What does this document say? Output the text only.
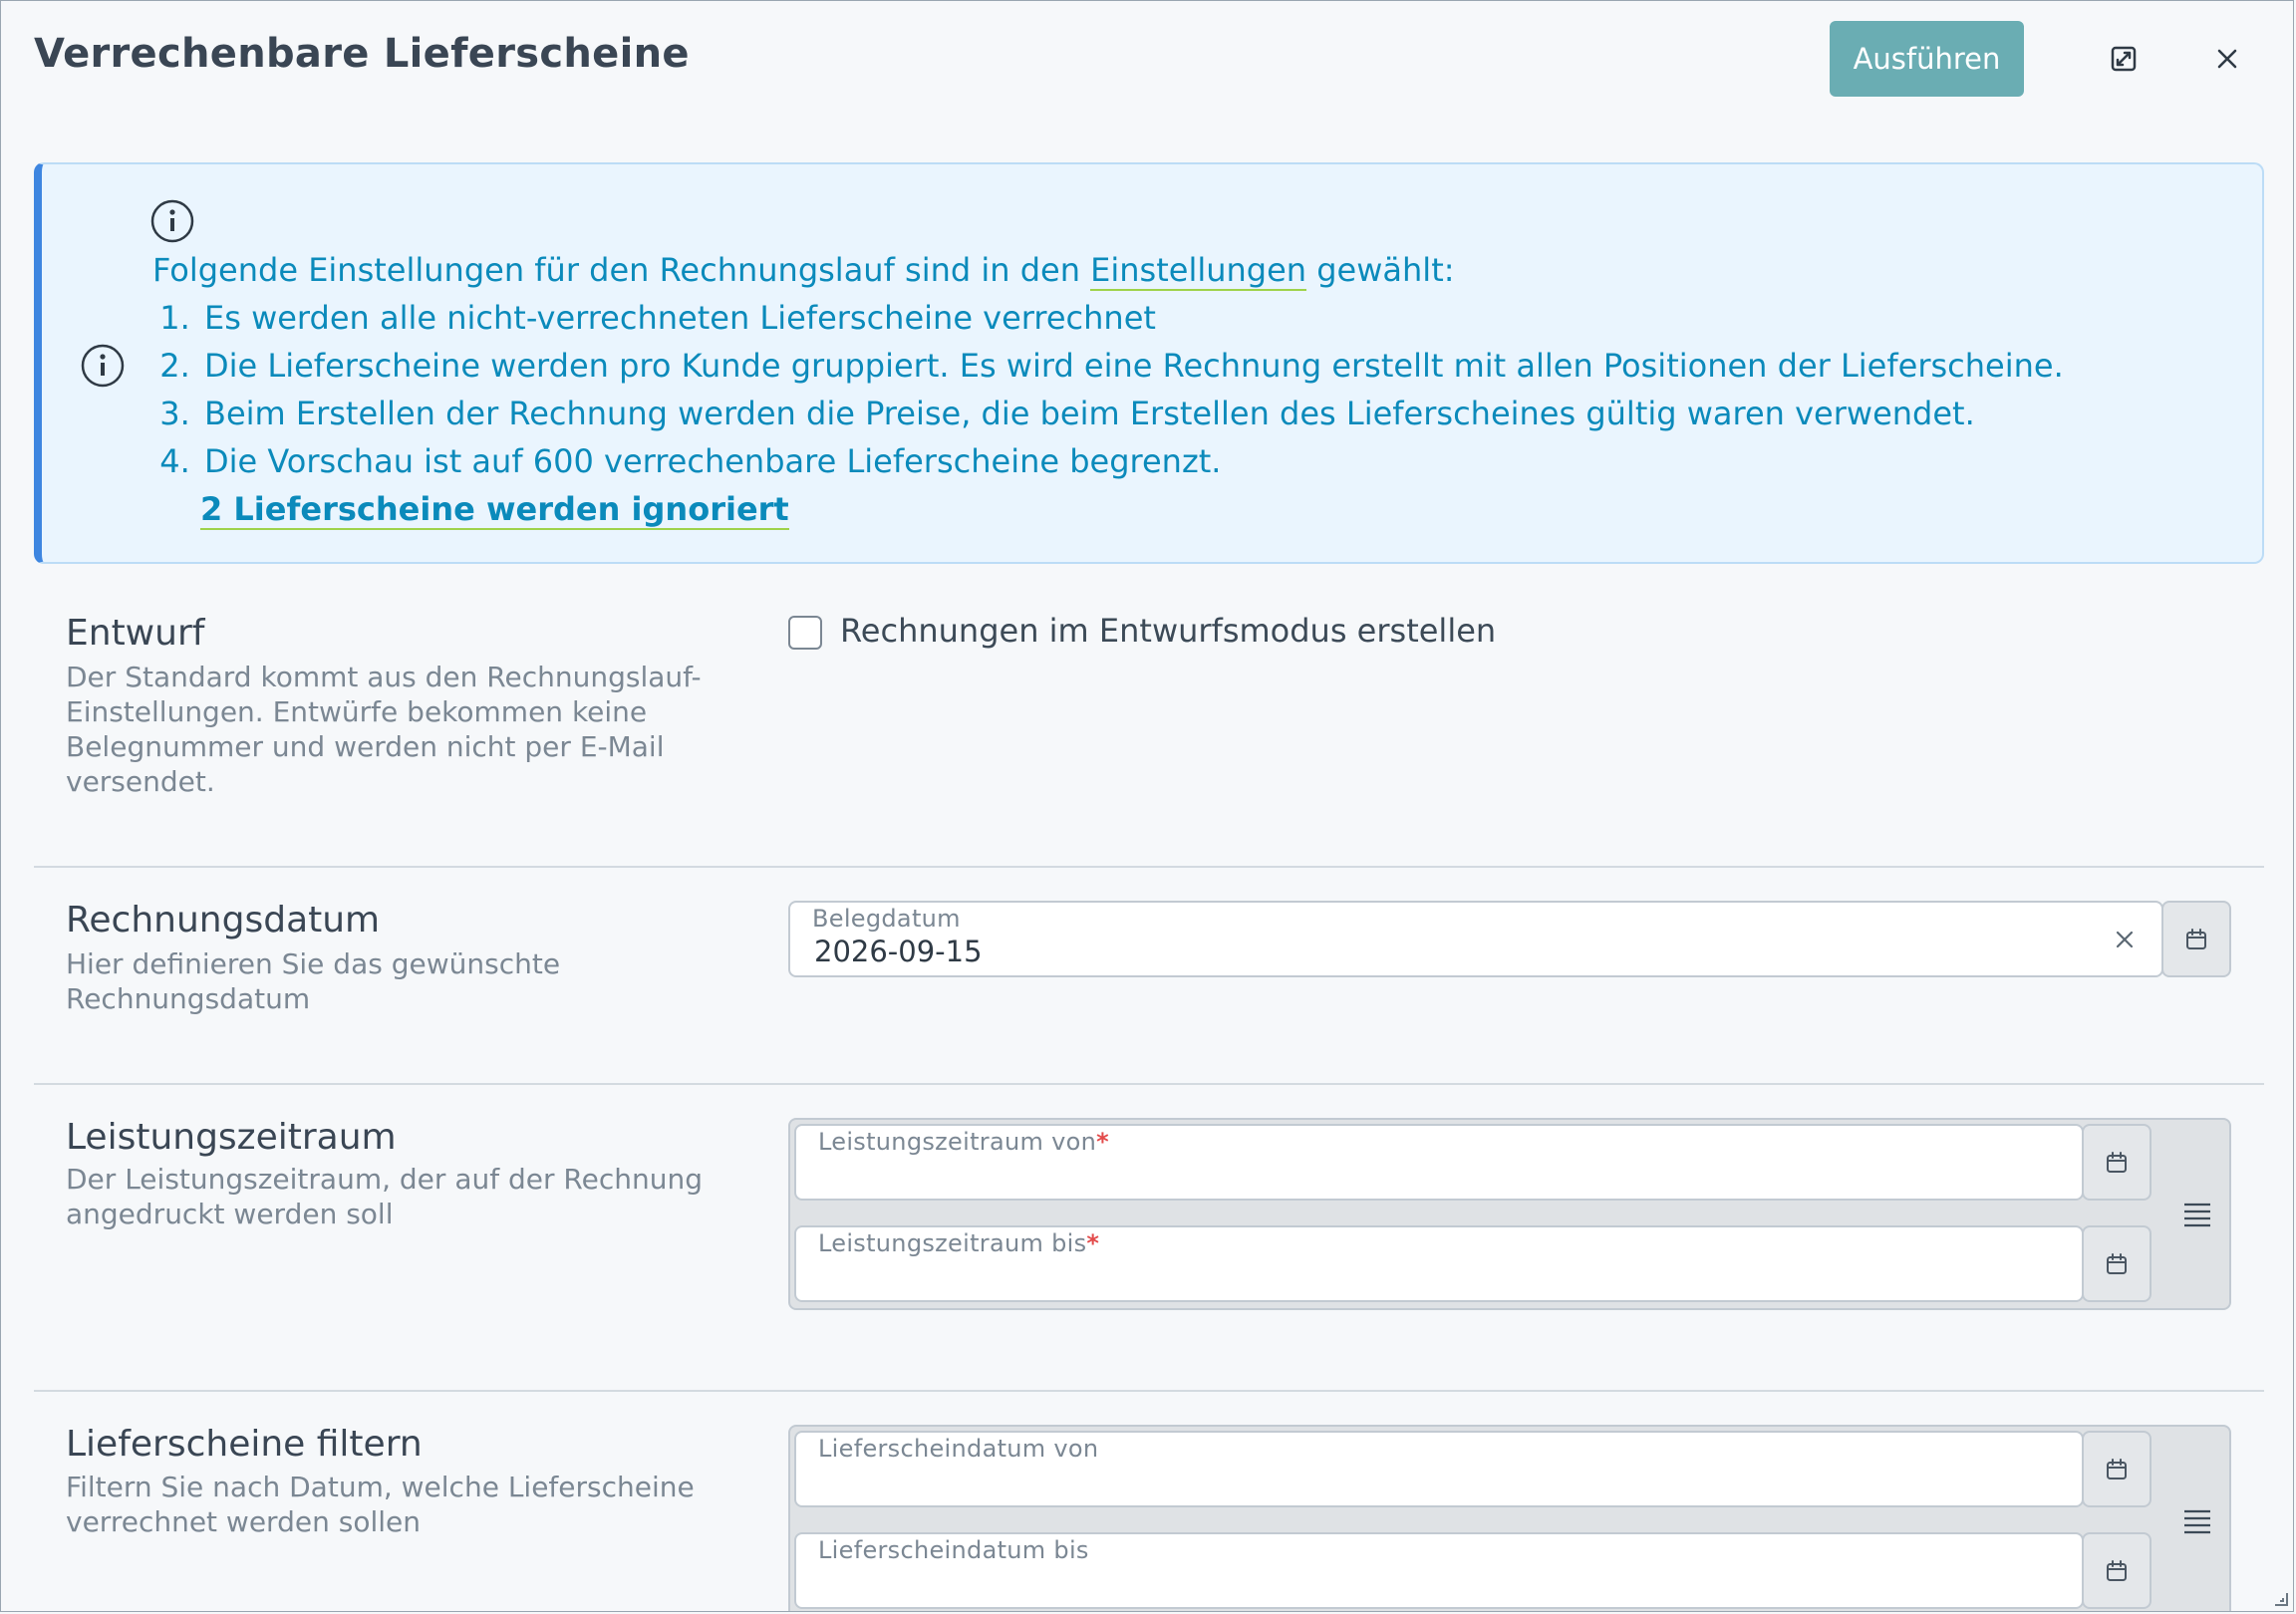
Verrechenbare Lieferscheine	Ausführen
Folgende Einstellungen für den Rechnungslauf sind in den Einstellungen gewählt:
1. Es werden alle nicht-verrechneten Lieferscheine verrechnet
2. Die Lieferscheine werden pro Kunde gruppiert. Es wird eine Rechnung erstellt mit allen Positionen der Lieferscheine.
3. Beim Erstellen der Rechnung werden die Preise, die beim Erstellen des Lieferscheines gültig waren verwendet.
4. Die Vorschau ist auf 600 verrechenbare Lieferscheine begrenzt.
2 Lieferscheine werden ignoriert
Entwurf
Der Standard kommt aus den Rechnungslauf-Einstellungen. Entwürfe bekommen keine Belegnummer und werden nicht per E-Mail versendet.
Rechnungen im Entwurfsmodus erstellen
Rechnungsdatum
Hier definieren Sie das gewünschte Rechnungsdatum
Belegdatum
2026-09-15
Leistungszeitraum
Der Leistungszeitraum, der auf der Rechnung angedruckt werden soll
Leistungszeitraum von*
Leistungszeitraum bis*
Lieferscheine filtern
Filtern Sie nach Datum, welche Lieferscheine verrechnet werden sollen
Lieferscheindatum von
Lieferscheindatum bis
